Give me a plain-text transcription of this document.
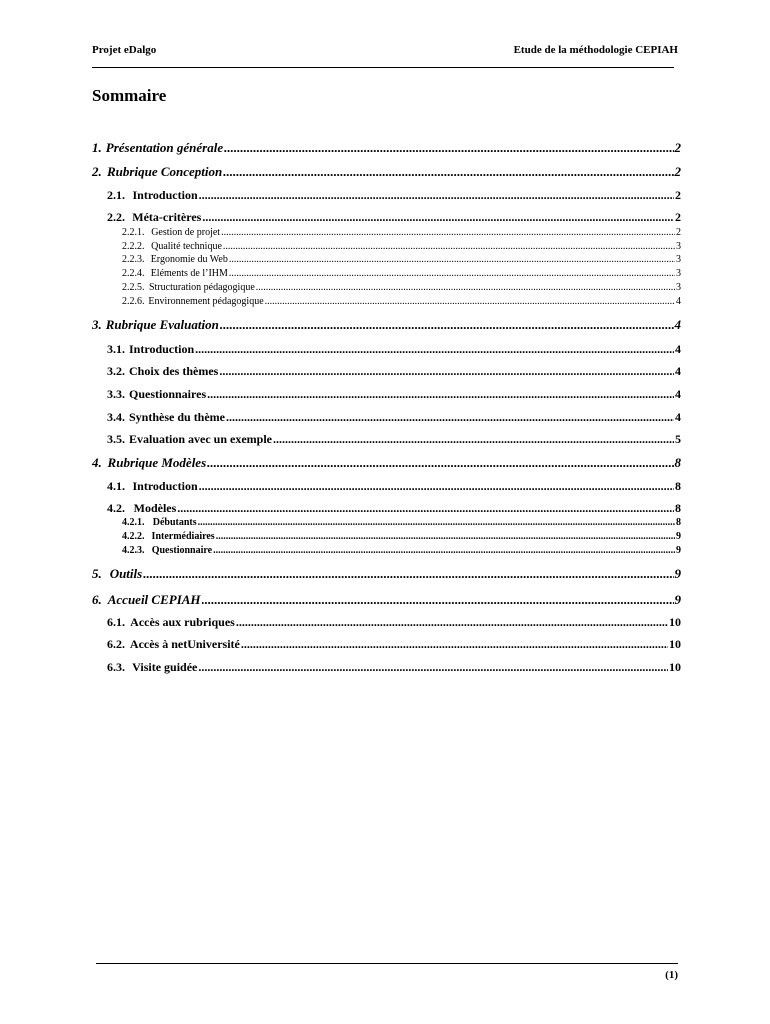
Projet eDalgo	Etude de la méthodologie CEPIAH
Sommaire
1. Présentation générale .....	2
2. Rubrique Conception .....	2
2.1. Introduction .....	2
2.2. Méta-critères .....	2
2.2.1. Gestion de projet .....	2
2.2.2. Qualité technique .....	3
2.2.3. Ergonomie du Web .....	3
2.2.4. Eléments de l’IHM .....	3
2.2.5. Structuration pédagogique .....	3
2.2.6. Environnement pédagogique .....	4
3. Rubrique Evaluation .....	4
3.1. Introduction .....	4
3.2. Choix des thèmes .....	4
3.3. Questionnaires .....	4
3.4. Synthèse du thème .....	4
3.5. Evaluation avec un exemple .....	5
4. Rubrique Modèles .....	8
4.1. Introduction .....	8
4.2. Modèles .....	8
4.2.1. Débutants .....	8
4.2.2. Intermédiaires .....	9
4.2.3. Questionnaire .....	9
5. Outils .....	9
6. Accueil CEPIAH .....	9
6.1. Accès aux rubriques .....	10
6.2. Accès à netUniversité .....	10
6.3. Visite guidée .....	10
(1)
